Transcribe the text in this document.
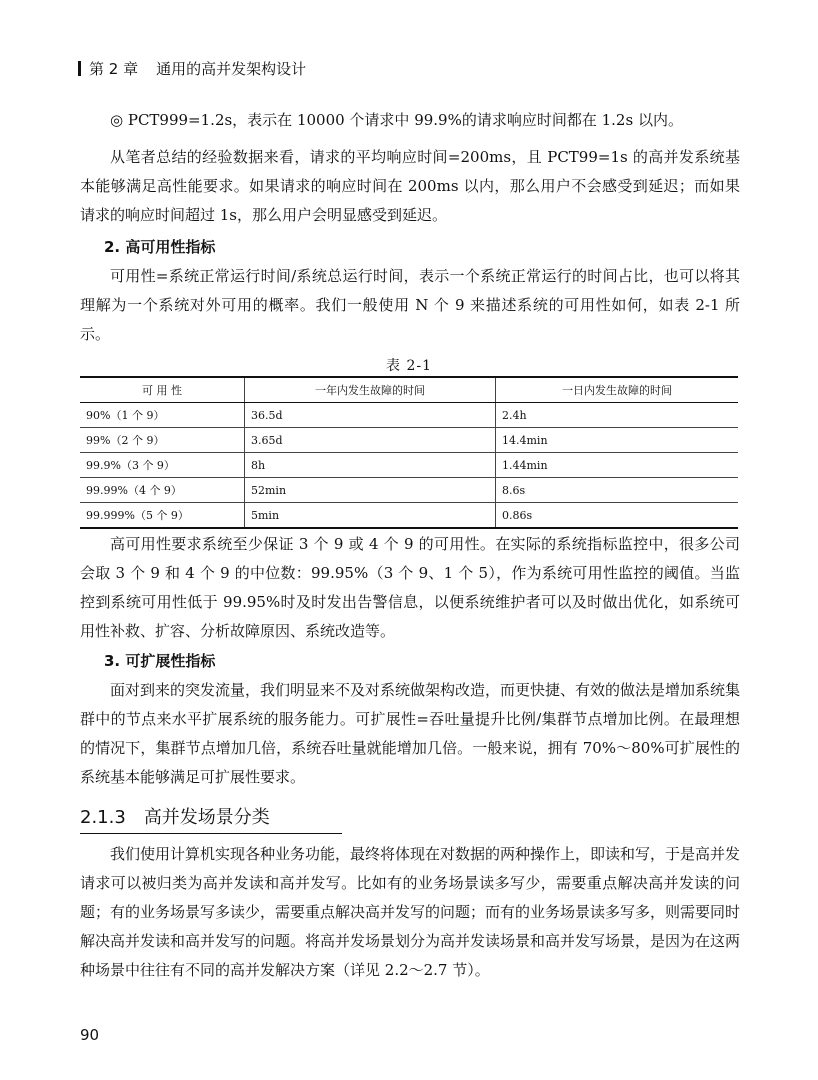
第 2 章 通用的高并发架构设计

◎ PCT999=1.2s，表示在 10000 个请求中 99.9%的请求响应时间都在 1.2s 以内。

从笔者总结的经验数据来看，请求的平均响应时间=200ms，且 PCT99=1s 的高并发系统基本能够满足高性能要求。如果请求的响应时间在 200ms 以内，那么用户不会感受到延迟；而如果请求的响应时间超过 1s，那么用户会明显感受到延迟。

2. 高可用性指标

可用性=系统正常运行时间/系统总运行时间，表示一个系统正常运行的时间占比，也可以将其理解为一个系统对外可用的概率。我们一般使用 N 个 9 来描述系统的可用性如何，如表 2-1 所示。

表 2-1
可 用 性	一年内发生故障的时间	一日内发生故障的时间
90%（1 个 9）	36.5d	2.4h
99%（2 个 9）	3.65d	14.4min
99.9%（3 个 9）	8h	1.44min
99.99%（4 个 9）	52min	8.6s
99.999%（5 个 9）	5min	0.86s

高可用性要求系统至少保证 3 个 9 或 4 个 9 的可用性。在实际的系统指标监控中，很多公司会取 3 个 9 和 4 个 9 的中位数：99.95%（3 个 9、1 个 5），作为系统可用性监控的阈值。当监控到系统可用性低于 99.95%时及时发出告警信息，以便系统维护者可以及时做出优化，如系统可用性补救、扩容、分析故障原因、系统改造等。

3. 可扩展性指标

面对到来的突发流量，我们明显来不及对系统做架构改造，而更快捷、有效的做法是增加系统集群中的节点来水平扩展系统的服务能力。可扩展性=吞吐量提升比例/集群节点增加比例。在最理想的情况下，集群节点增加几倍，系统吞吐量就能增加几倍。一般来说，拥有 70%～80%可扩展性的系统基本能够满足可扩展性要求。

2.1.3 高并发场景分类

我们使用计算机实现各种业务功能，最终将体现在对数据的两种操作上，即读和写，于是高并发请求可以被归类为高并发读和高并发写。比如有的业务场景读多写少，需要重点解决高并发读的问题；有的业务场景写多读少，需要重点解决高并发写的问题；而有的业务场景读多写多，则需要同时解决高并发读和高并发写的问题。将高并发场景划分为高并发读场景和高并发写场景，是因为在这两种场景中往往有不同的高并发解决方案（详见 2.2～2.7 节）。

90
